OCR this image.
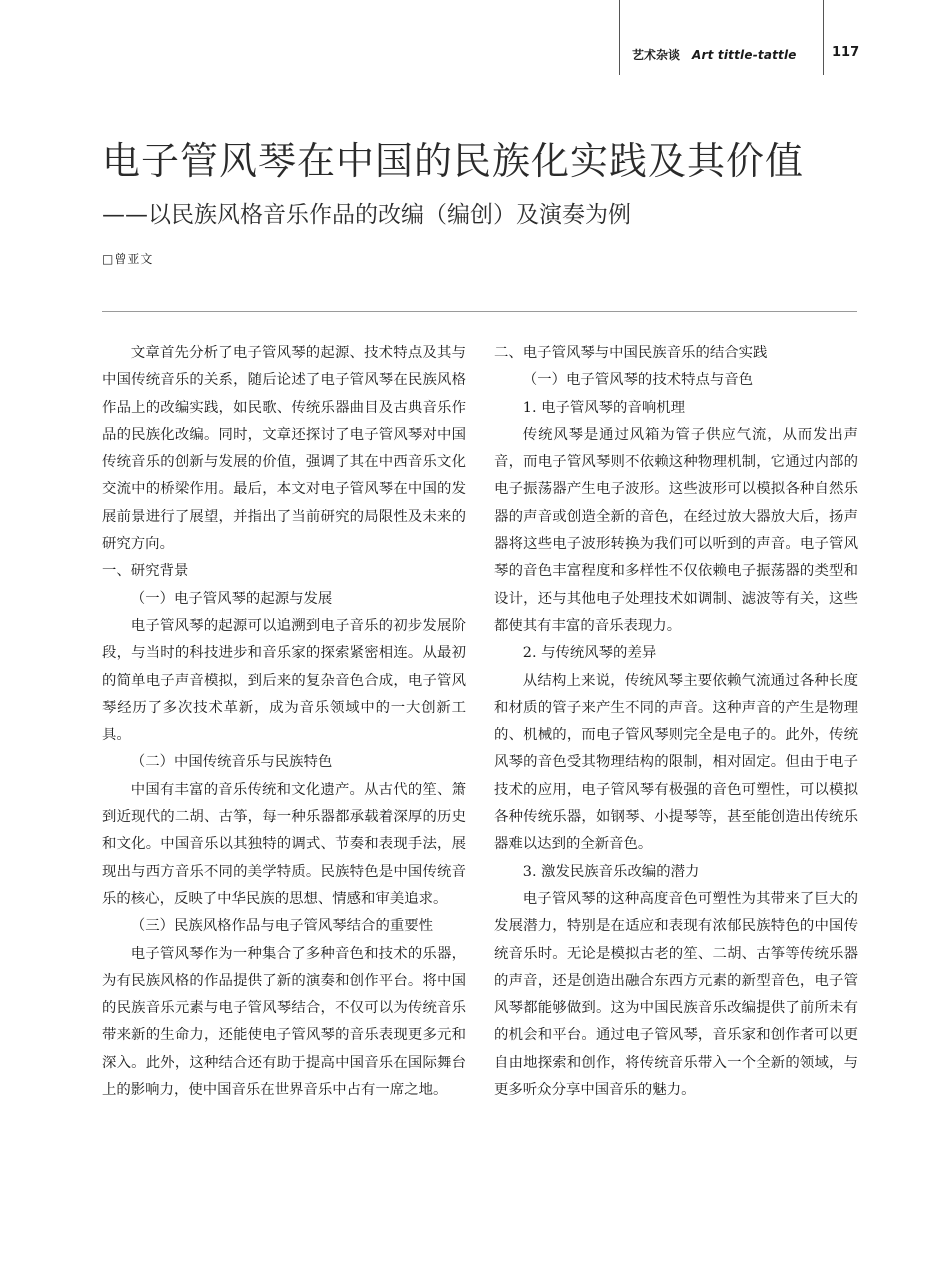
艺术杂谈 Art tittle-tattle	117
电子管风琴在中国的民族化实践及其价值
——以民族风格音乐作品的改编（编创）及演奏为例
□曾亚文

文章首先分析了电子管风琴的起源、技术特点及其与中国传统音乐的关系，随后论述了电子管风琴在民族风格作品上的改编实践，如民歌、传统乐器曲目及古典音乐作品的民族化改编。同时，文章还探讨了电子管风琴对中国传统音乐的创新与发展的价值，强调了其在中西音乐文化交流中的桥梁作用。最后，本文对电子管风琴在中国的发展前景进行了展望，并指出了当前研究的局限性及未来的研究方向。

一、研究背景

（一）电子管风琴的起源与发展

电子管风琴的起源可以追溯到电子音乐的初步发展阶段，与当时的科技进步和音乐家的探索紧密相连。从最初的简单电子声音模拟，到后来的复杂音色合成，电子管风琴经历了多次技术革新，成为音乐领域中的一大创新工具。

（二）中国传统音乐与民族特色

中国有丰富的音乐传统和文化遗产。从古代的笙、箫到近现代的二胡、古筝，每一种乐器都承载着深厚的历史和文化。中国音乐以其独特的调式、节奏和表现手法，展现出与西方音乐不同的美学特质。民族特色是中国传统音乐的核心，反映了中华民族的思想、情感和审美追求。

（三）民族风格作品与电子管风琴结合的重要性

电子管风琴作为一种集合了多种音色和技术的乐器，为有民族风格的作品提供了新的演奏和创作平台。将中国的民族音乐元素与电子管风琴结合，不仅可以为传统音乐带来新的生命力，还能使电子管风琴的音乐表现更多元和深入。此外，这种结合还有助于提高中国音乐在国际舞台上的影响力，使中国音乐在世界音乐中占有一席之地。

二、电子管风琴与中国民族音乐的结合实践

（一）电子管风琴的技术特点与音色

1. 电子管风琴的音响机理

传统风琴是通过风箱为管子供应气流，从而发出声音，而电子管风琴则不依赖这种物理机制，它通过内部的电子振荡器产生电子波形。这些波形可以模拟各种自然乐器的声音或创造全新的音色，在经过放大器放大后，扬声器将这些电子波形转换为我们可以听到的声音。电子管风琴的音色丰富程度和多样性不仅依赖电子振荡器的类型和设计，还与其他电子处理技术如调制、滤波等有关，这些都使其有丰富的音乐表现力。

2. 与传统风琴的差异

从结构上来说，传统风琴主要依赖气流通过各种长度和材质的管子来产生不同的声音。这种声音的产生是物理的、机械的，而电子管风琴则完全是电子的。此外，传统风琴的音色受其物理结构的限制，相对固定。但由于电子技术的应用，电子管风琴有极强的音色可塑性，可以模拟各种传统乐器，如钢琴、小提琴等，甚至能创造出传统乐器难以达到的全新音色。

3. 激发民族音乐改编的潜力

电子管风琴的这种高度音色可塑性为其带来了巨大的发展潜力，特别是在适应和表现有浓郁民族特色的中国传统音乐时。无论是模拟古老的笙、二胡、古筝等传统乐器的声音，还是创造出融合东西方元素的新型音色，电子管风琴都能够做到。这为中国民族音乐改编提供了前所未有的机会和平台。通过电子管风琴，音乐家和创作者可以更自由地探索和创作，将传统音乐带入一个全新的领域，与更多听众分享中国音乐的魅力。
